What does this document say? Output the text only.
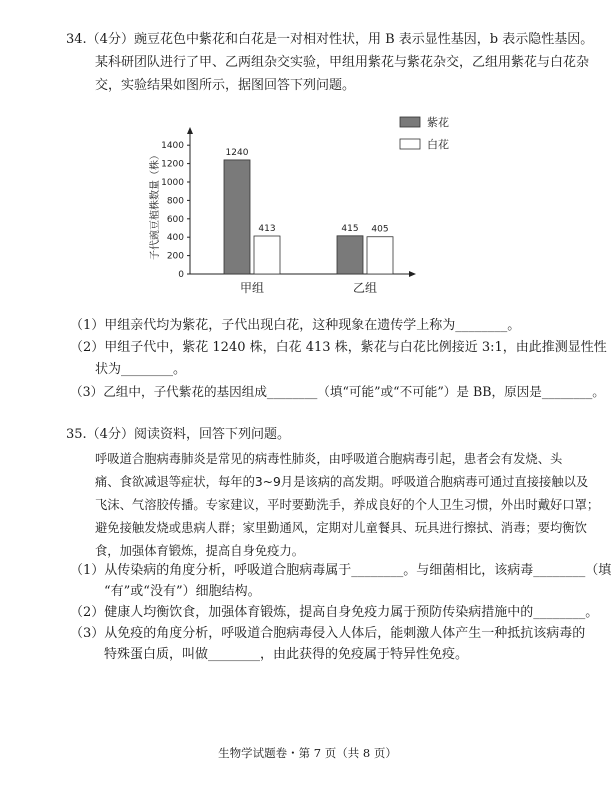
34.（4分）豌豆花色中紫花和白花是一对相对性状，用 B 表示显性基因，b 表示隐性基因。
某科研团队进行了甲、乙两组杂交实验，甲组用紫花与紫花杂交，乙组用紫花与白花杂
交，实验结果如图所示，据图回答下列问题。
0
200
400
600
800
1000
1200
1400
子代豌豆植株数量（株）	1240
413
甲组
415 405
乙组
紫花
白花
（1）甲组亲代均为紫花，子代出现白花，这种现象在遗传学上称为________。
（2）甲组子代中，紫花 1240 株，白花 413 株，紫花与白花比例接近 3:1，由此推测显性性
状为________。
（3）乙组中，子代紫花的基因组成________（填“可能”或“不可能”）是 BB，原因是________。
35.（4分）阅读资料，回答下列问题。
呼吸道合胞病毒肺炎是常见的病毒性肺炎，由呼吸道合胞病毒引起，患者会有发烧、头
痛、食欲减退等症状，每年的3~9月是该病的高发期。呼吸道合胞病毒可通过直接接触以及
飞沫、气溶胶传播。专家建议，平时要勤洗手，养成良好的个人卫生习惯，外出时戴好口罩；
避免接触发烧或患病人群；家里勤通风，定期对儿童餐具、玩具进行擦拭、消毒；要均衡饮
食，加强体育锻炼，提高自身免疫力。
（1）从传染病的角度分析，呼吸道合胞病毒属于________。与细菌相比，该病毒________（填
“有”或“没有”）细胞结构。
（2）健康人均衡饮食，加强体育锻炼，提高自身免疫力属于预防传染病措施中的________。
（3）从免疫的角度分析，呼吸道合胞病毒侵入人体后，能刺激人体产生一种抵抗该病毒的
特殊蛋白质，叫做________，由此获得的免疫属于特异性免疫。
生物学试题卷・第 7 页（共 8 页）
